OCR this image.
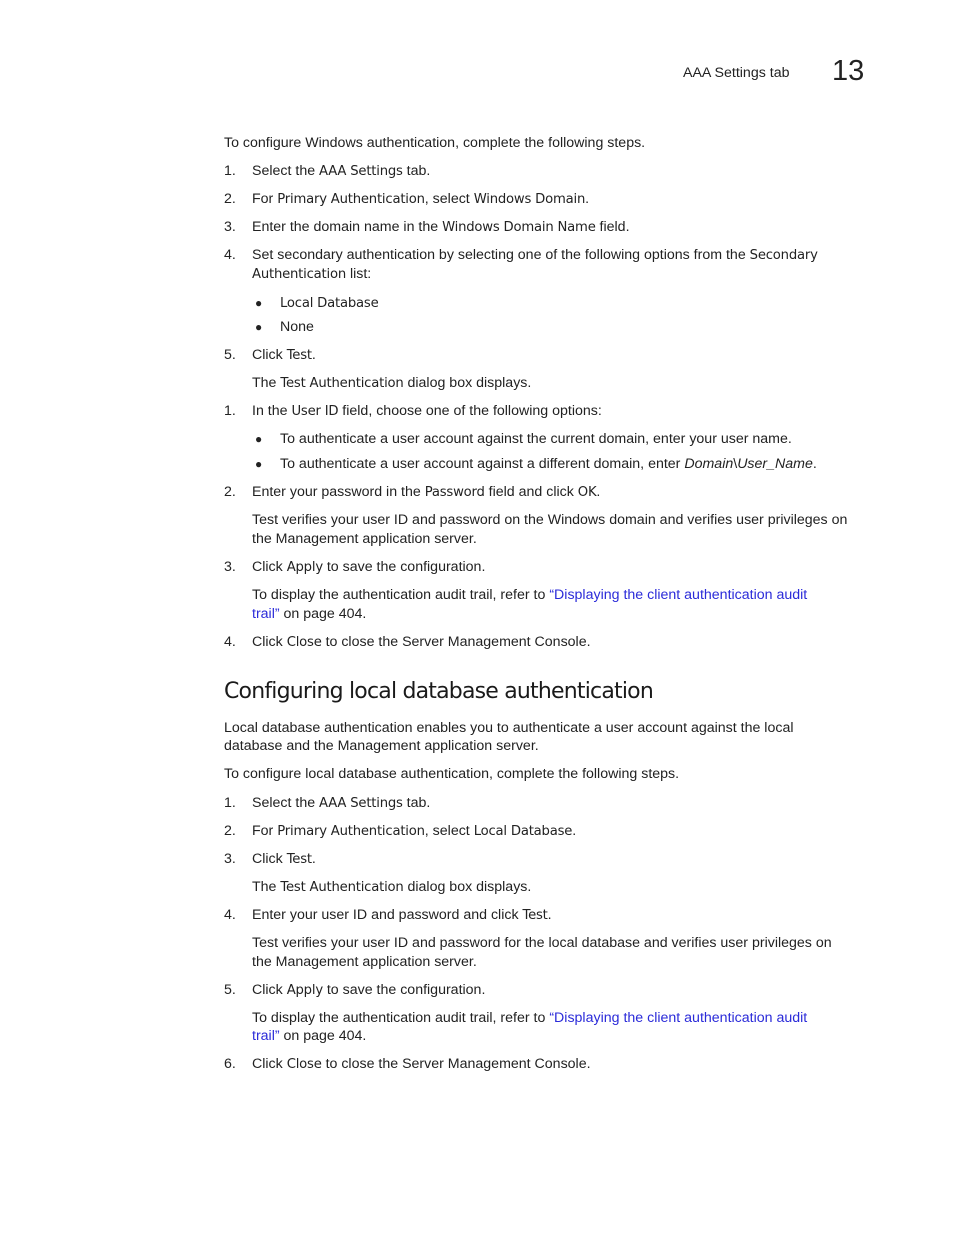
AAA Settings tab 13
To configure Windows authentication, complete the following steps.
1. Select the AAA Settings tab.
2. For Primary Authentication, select Windows Domain.
3. Enter the domain name in the Windows Domain Name field.
4. Set secondary authentication by selecting one of the following options from the Secondary
Authentication list:
● Local Database
● None
5. Click Test.
The Test Authentication dialog box displays.
1. In the User ID field, choose one of the following options:
● To authenticate a user account against the current domain, enter your user name.
● To authenticate a user account against a different domain, enter Domain\User_Name.
2. Enter your password in the Password field and click OK.
Test verifies your user ID and password on the Windows domain and verifies user privileges on
the Management application server.
3. Click Apply to save the configuration.
To display the authentication audit trail, refer to “Displaying the client authentication audit
trail” on page 404.
4. Click Close to close the Server Management Console.
Configuring local database authentication
Local database authentication enables you to authenticate a user account against the local
database and the Management application server.
To configure local database authentication, complete the following steps.
1. Select the AAA Settings tab.
2. For Primary Authentication, select Local Database.
3. Click Test.
The Test Authentication dialog box displays.
4. Enter your user ID and password and click Test.
Test verifies your user ID and password for the local database and verifies user privileges on
the Management application server.
5. Click Apply to save the configuration.
To display the authentication audit trail, refer to “Displaying the client authentication audit
trail” on page 404.
6. Click Close to close the Server Management Console.
